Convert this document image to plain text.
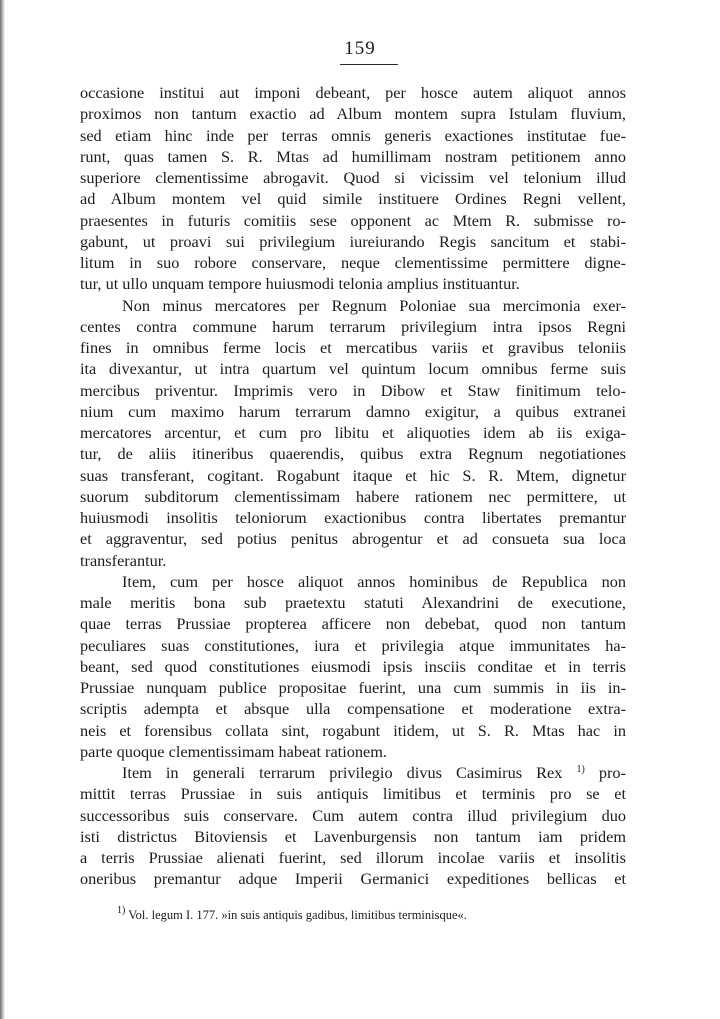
159
occasione institui aut imponi debeant, per hosce autem aliquot annos
proximos non tantum exactio ad Album montem supra Istulam fluvium,
sed etiam hinc inde per terras omnis generis exactiones institutae fue-
runt, quas tamen S. R. Mtas ad humillimam nostram petitionem anno
superiore clementissime abrogavit. Quod si vicissim vel telonium illud
ad Album montem vel quid simile instituere Ordines Regni vellent,
praesentes in futuris comitiis sese opponent ac Mtem R. submisse ro-
gabunt, ut proavi sui privilegium iureiurando Regis sancitum et stabi-
litum in suo robore conservare, neque clementissime permittere digne-
tur, ut ullo unquam tempore huiusmodi telonia amplius instituantur.
Non minus mercatores per Regnum Poloniae sua mercimonia exer-
centes contra commune harum terrarum privilegium intra ipsos Regni
fines in omnibus ferme locis et mercatibus variis et gravibus teloniis
ita divexantur, ut intra quartum vel quintum locum omnibus ferme suis
mercibus priventur. Imprimis vero in Dibow et Staw finitimum telo-
nium cum maximo harum terrarum damno exigitur, a quibus extranei
mercatores arcentur, et cum pro libitu et aliquoties idem ab iis exiga-
tur, de aliis itineribus quaerendis, quibus extra Regnum negotiationes
suas transferant, cogitant. Rogabunt itaque et hic S. R. Mtem, dignetur
suorum subditorum clementissimam habere rationem nec permittere, ut
huiusmodi insolitis teloniorum exactionibus contra libertates premantur
et aggraventur, sed potius penitus abrogentur et ad consueta sua loca
transferantur.
Item, cum per hosce aliquot annos hominibus de Republica non
male meritis bona sub praetextu statuti Alexandrini de executione,
quae terras Prussiae propterea afficere non debebat, quod non tantum
peculiares suas constitutiones, iura et privilegia atque immunitates ha-
beant, sed quod constitutiones eiusmodi ipsis insciis conditae et in terris
Prussiae nunquam publice propositae fuerint, una cum summis in iis in-
scriptis adempta et absque ulla compensatione et moderatione extra-
neis et forensibus collata sint, rogabunt itidem, ut S. R. Mtas hac in
parte quoque clementissimam habeat rationem.
Item in generali terrarum privilegio divus Casimirus Rex $^{1)}$ pro-
mittit terras Prussiae in suis antiquis limitibus et terminis pro se et
successoribus suis conservare. Cum autem contra illud privilegium duo
isti districtus Bitoviensis et Lavenburgensis non tantum iam pridem
a terris Prussiae alienati fuerint, sed illorum incolae variis et insolitis
oneribus premantur adque Imperii Germanici expeditiones bellicas et
$^{1)}$ Vol. legum I. 177. »in suis antiquis gadibus, limitibus terminisque«.
